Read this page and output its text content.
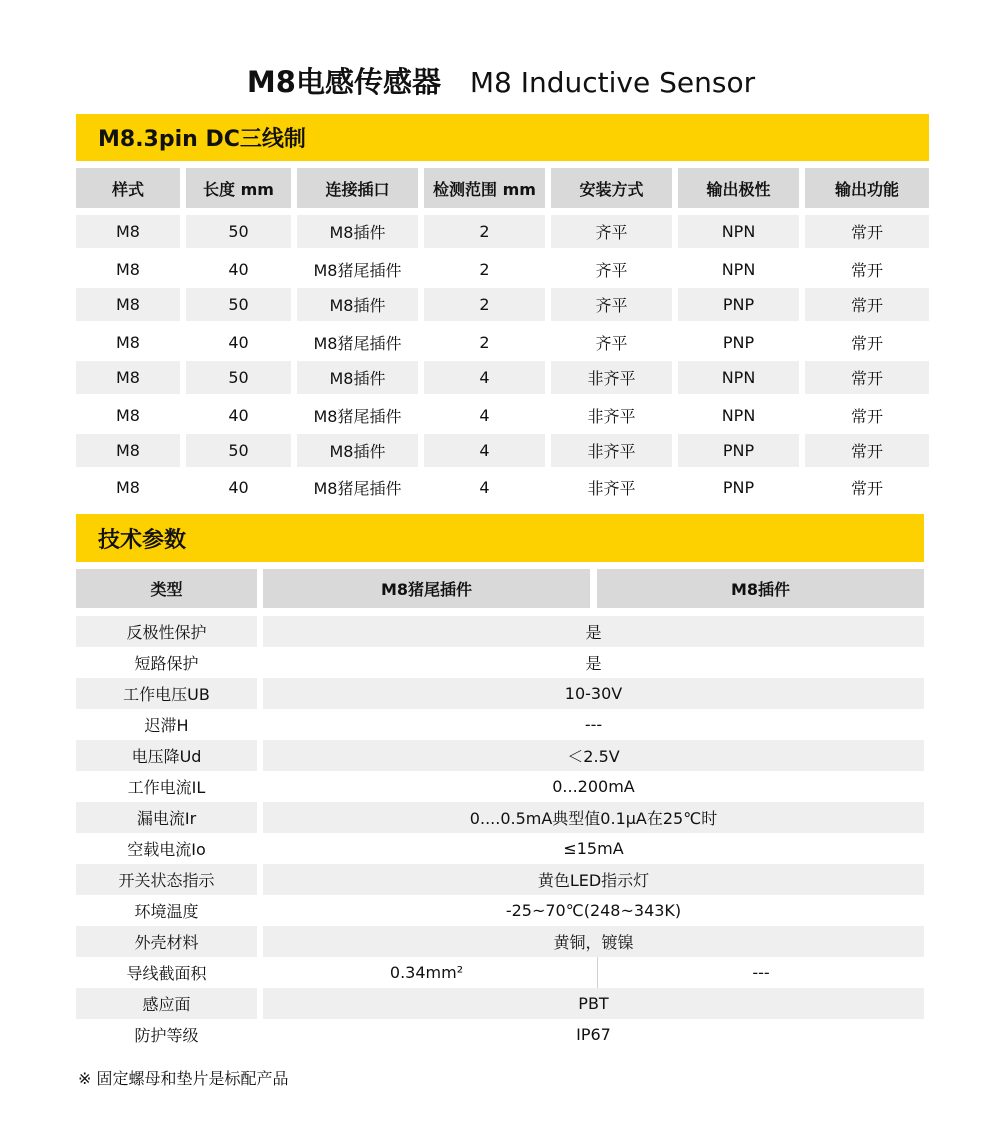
M8电感传感器 M8 Inductive Sensor
M8.3pin DC三线制
样式	长度 mm	连接插口	检测范围 mm	安装方式	输出极性	输出功能
M8	50	M8插件	2	齐平	NPN	常开
M8	40	M8猪尾插件	2	齐平	NPN	常开
M8	50	M8插件	2	齐平	PNP	常开
M8	40	M8猪尾插件	2	齐平	PNP	常开
M8	50	M8插件	4	非齐平	NPN	常开
M8	40	M8猪尾插件	4	非齐平	NPN	常开
M8	50	M8插件	4	非齐平	PNP	常开
M8	40	M8猪尾插件	4	非齐平	PNP	常开
技术参数
类型	M8猪尾插件	M8插件
反极性保护	是
短路保护	是
工作电压UB	10-30V
迟滞H	---
电压降Ud	＜2.5V
工作电流IL	0...200mA
漏电流Ir	0....0.5mA典型值0.1μA在25℃时
空载电流Io	≤15mA
开关状态指示	黄色LED指示灯
环境温度	-25~70℃(248~343K)
外壳材料	黄铜，镀镍
导线截面积	0.34mm²	---
感应面	PBT
防护等级	IP67
※ 固定螺母和垫片是标配产品
